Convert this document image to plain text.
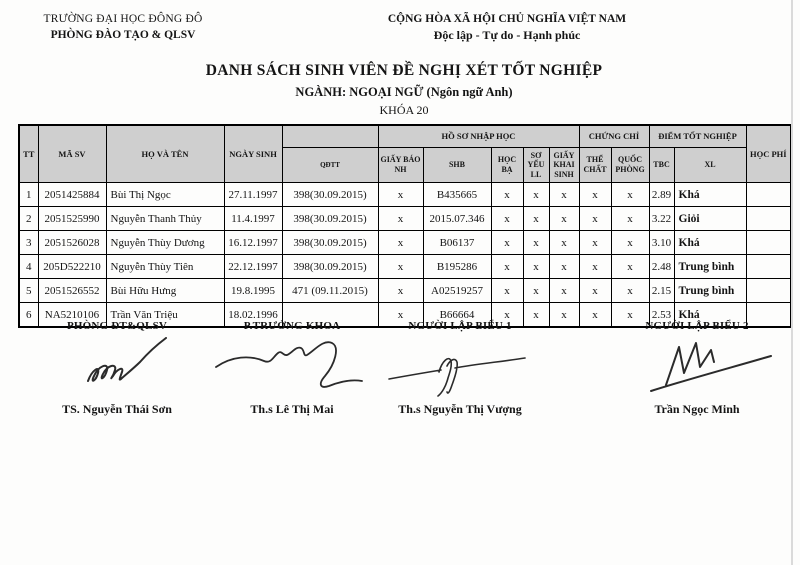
TRƯỜNG ĐẠI HỌC ĐÔNG ĐÔ
PHÒNG ĐÀO TẠO & QLSV
CỘNG HÒA XÃ HỘI CHỦ NGHĨA VIỆT NAM
Độc lập - Tự do - Hạnh phúc
DANH SÁCH SINH VIÊN ĐỀ NGHỊ XÉT TỐT NGHIỆP
NGÀNH: NGOẠI NGỮ (Ngôn ngữ Anh)
KHÓA 20
TT	MÃ SV	HỌ VÀ TÊN	NGÀY SINH		HỒ SƠ NHẬP HỌC					CHỨNG CHỈ		ĐIỂM TỐT NGHIỆP		HỌC PHÍ
				QĐTT	GIẤY BÁO NH	SHB	HỌC BẠ	SƠ YẾU LL	GIẤY KHAI SINH	THỂ CHẤT	QUỐC PHÒNG	TBC	XL	
1	2051425884	Bùi Thị Ngọc	27.11.1997	398(30.09.2015)	x	B435665	x	x	x	x	x	2.89	Khá	
2	2051525990	Nguyễn Thanh Thủy	11.4.1997	398(30.09.2015)	x	2015.07.346	x	x	x	x	x	3.22	Giỏi	
3	2051526028	Nguyễn Thùy Dương	16.12.1997	398(30.09.2015)	x	B06137	x	x	x	x	x	3.10	Khá	
4	205D522210	Nguyễn Thùy Tiên	22.12.1997	398(30.09.2015)	x	B195286	x	x	x	x	x	2.48	Trung bình	
5	2051526552	Bùi Hữu Hưng	19.8.1995	471 (09.11.2015)	x	A02519257	x	x	x	x	x	2.15	Trung bình	
6	NA5210106	Trần Văn Triệu	18.02.1996		x	B66664	x	x	x	x	x	2.53	Khá	
PHÒNG ĐT&QLSV
TS. Nguyễn Thái Sơn
P.TRƯỞNG KHOA
Th.s Lê Thị Mai
NGƯỜI LẬP BIỂU 1
Th.s Nguyễn Thị Vượng
NGƯỜI LẬP BIỂU 2
Trần Ngọc Minh
